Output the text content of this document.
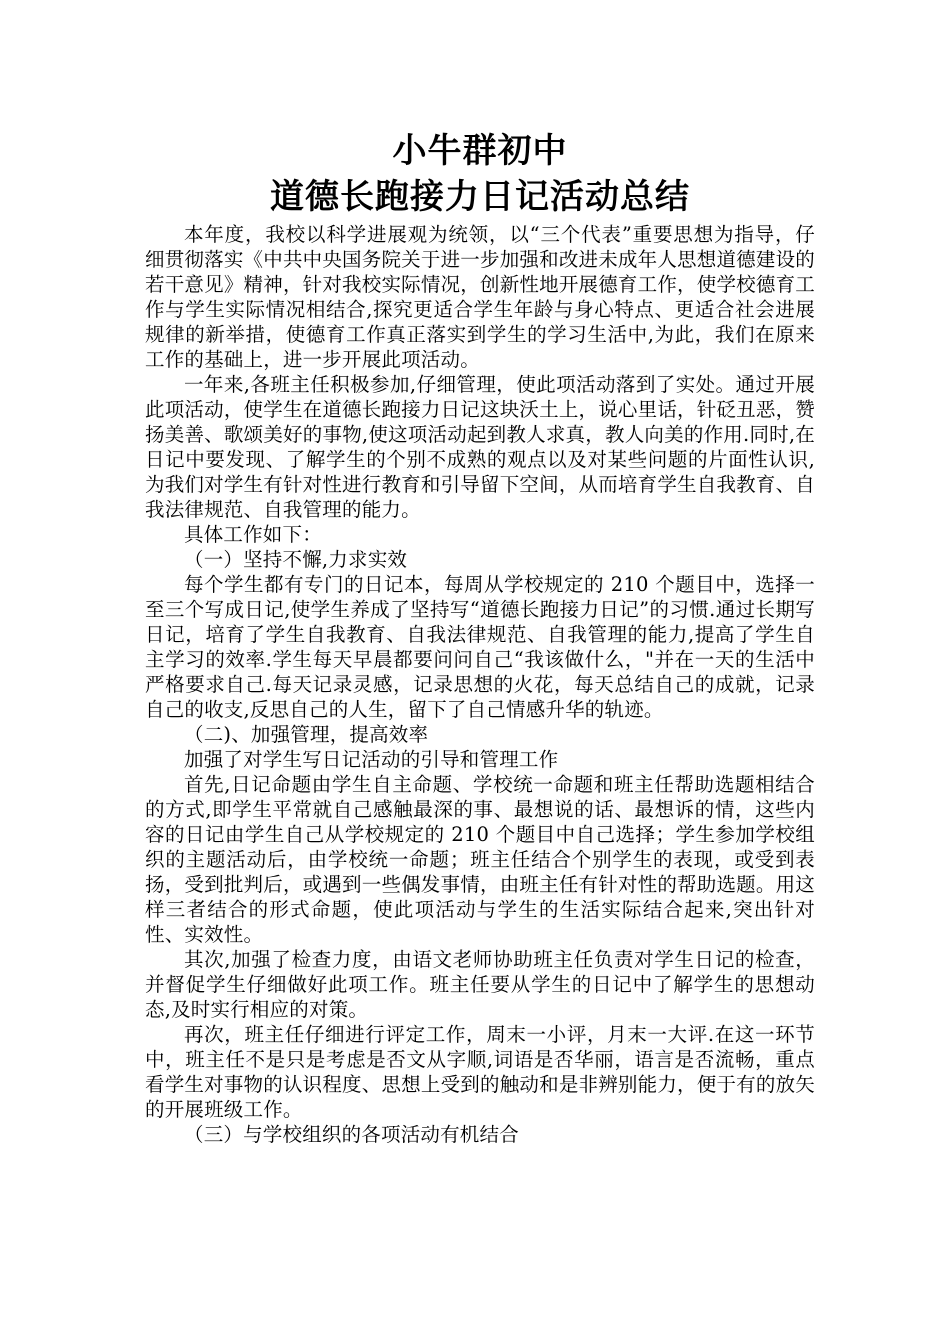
小牛群初中
道德长跑接力日记活动总结

本年度，我校以科学进展观为统领，以“三个代表”重要思想为指导，仔细贯彻落实《中共中央国务院关于进一步加强和改进未成年人思想道德建设的若干意见》精神，针对我校实际情况，创新性地开展德育工作，使学校德育工作与学生实际情况相结合,探究更适合学生年龄与身心特点、更适合社会进展规律的新举措，使德育工作真正落实到学生的学习生活中,为此，我们在原来工作的基础上，进一步开展此项活动。

一年来,各班主任积极参加,仔细管理，使此项活动落到了实处。通过开展此项活动，使学生在道德长跑接力日记这块沃土上，说心里话，针砭丑恶，赞扬美善、歌颂美好的事物,使这项活动起到教人求真，教人向美的作用.同时,在日记中要发现、了解学生的个别不成熟的观点以及对某些问题的片面性认识,为我们对学生有针对性进行教育和引导留下空间，从而培育学生自我教育、自我法律规范、自我管理的能力。

具体工作如下：

（一）坚持不懈,力求实效

每个学生都有专门的日记本，每周从学校规定的 210 个题目中，选择一至三个写成日记,使学生养成了坚持写“道德长跑接力日记”的习惯.通过长期写日记，培育了学生自我教育、自我法律规范、自我管理的能力,提高了学生自主学习的效率.学生每天早晨都要问问自己“我该做什么，"并在一天的生活中严格要求自己.每天记录灵感，记录思想的火花，每天总结自己的成就，记录自己的收支,反思自己的人生，留下了自己情感升华的轨迹。

（二)、加强管理，提高效率

加强了对学生写日记活动的引导和管理工作

首先,日记命题由学生自主命题、学校统一命题和班主任帮助选题相结合的方式,即学生平常就自己感触最深的事、最想说的话、最想诉的情，这些内容的日记由学生自己从学校规定的 210 个题目中自己选择；学生参加学校组织的主题活动后，由学校统一命题；班主任结合个别学生的表现，或受到表扬，受到批判后，或遇到一些偶发事情，由班主任有针对性的帮助选题。用这样三者结合的形式命题，使此项活动与学生的生活实际结合起来,突出针对性、实效性。

其次,加强了检查力度，由语文老师协助班主任负责对学生日记的检查，并督促学生仔细做好此项工作。班主任要从学生的日记中了解学生的思想动态,及时实行相应的对策。

再次，班主任仔细进行评定工作，周末一小评，月末一大评.在这一环节中，班主任不是只是考虑是否文从字顺,词语是否华丽，语言是否流畅，重点看学生对事物的认识程度、思想上受到的触动和是非辨别能力，便于有的放矢的开展班级工作。

（三）与学校组织的各项活动有机结合
